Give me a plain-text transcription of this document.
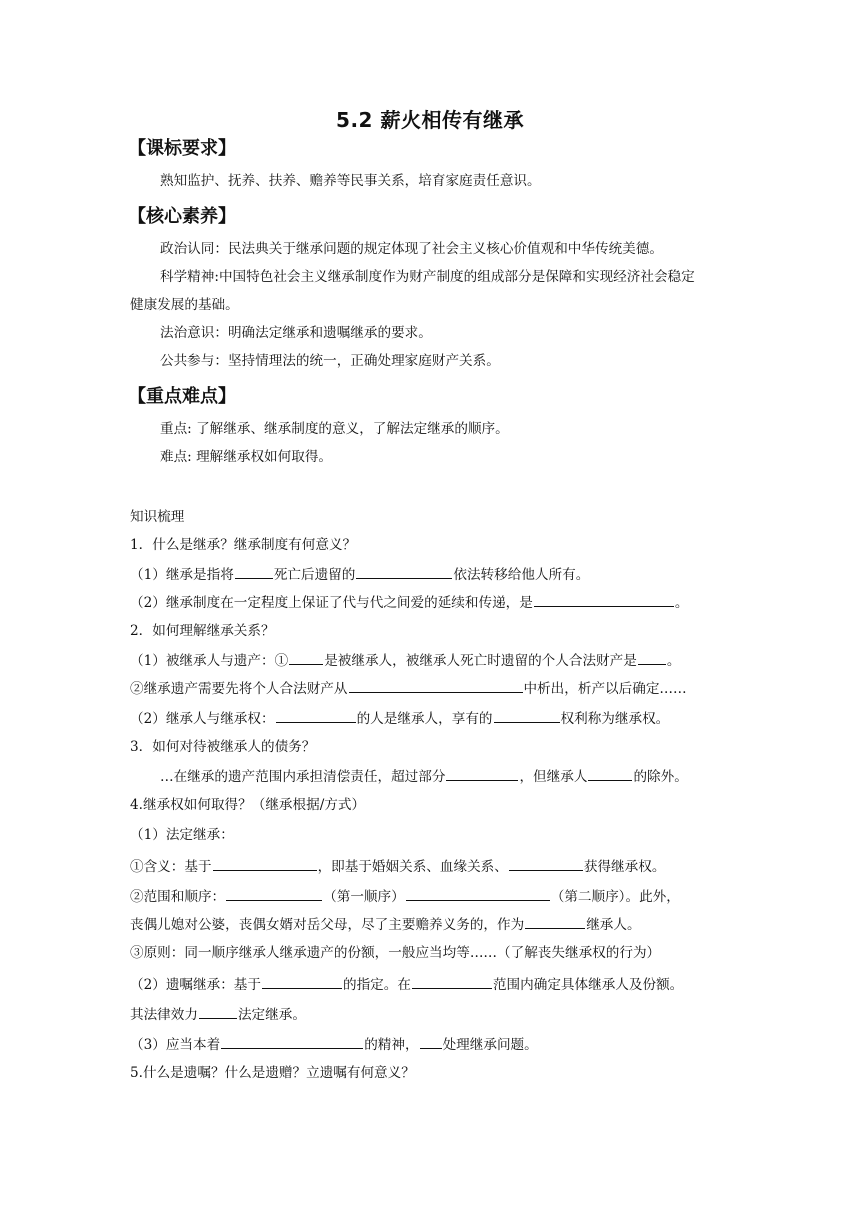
5.2 薪火相传有继承
【课标要求】
熟知监护、抚养、扶养、赡养等民事关系，培育家庭责任意识。
【核心素养】
政治认同：民法典关于继承问题的规定体现了社会主义核心价值观和中华传统美德。
科学精神:中国特色社会主义继承制度作为财产制度的组成部分是保障和实现经济社会稳定
健康发展的基础。
法治意识：明确法定继承和遗嘱继承的要求。
公共参与：坚持情理法的统一，正确处理家庭财产关系。
【重点难点】
重点: 了解继承、继承制度的意义，了解法定继承的顺序。
难点: 理解继承权如何取得。
知识梳理
1．什么是继承？继承制度有何意义？
（1）继承是指将	死亡后遗留的	依法转移给他人所有。
（2）继承制度在一定程度上保证了代与代之间爱的延续和传递，是	。
2．如何理解继承关系？
（1）被继承人与遗产：①	是被继承人，被继承人死亡时遗留的个人合法财产是 。
②继承遗产需要先将个人合法财产从	中析出，析产以后确定……
（2）继承人与继承权：	的人是继承人，享有的	权利称为继承权。
3．如何对待被继承人的债务？
…在继承的遗产范围内承担清偿责任，超过部分	，但继承人	的除外。
4.继承权如何取得？（继承根据/方式）
（1）法定继承：
①含义：基于	，即基于婚姻关系、血缘关系、	获得继承权。
②范围和顺序：	（第一顺序）	（第二顺序）。此外，
丧偶儿媳对公婆，丧偶女婿对岳父母，尽了主要赡养义务的，作为	继承人。
③原则：同一顺序继承人继承遗产的份额，一般应当均等……（了解丧失继承权的行为）
（2）遗嘱继承：基于	的指定。在	范围内确定具体继承人及份额。
其法律效力	法定继承。
（3）应当本着	的精神， 处理继承问题。
5.什么是遗嘱？什么是遗赠？立遗嘱有何意义？
